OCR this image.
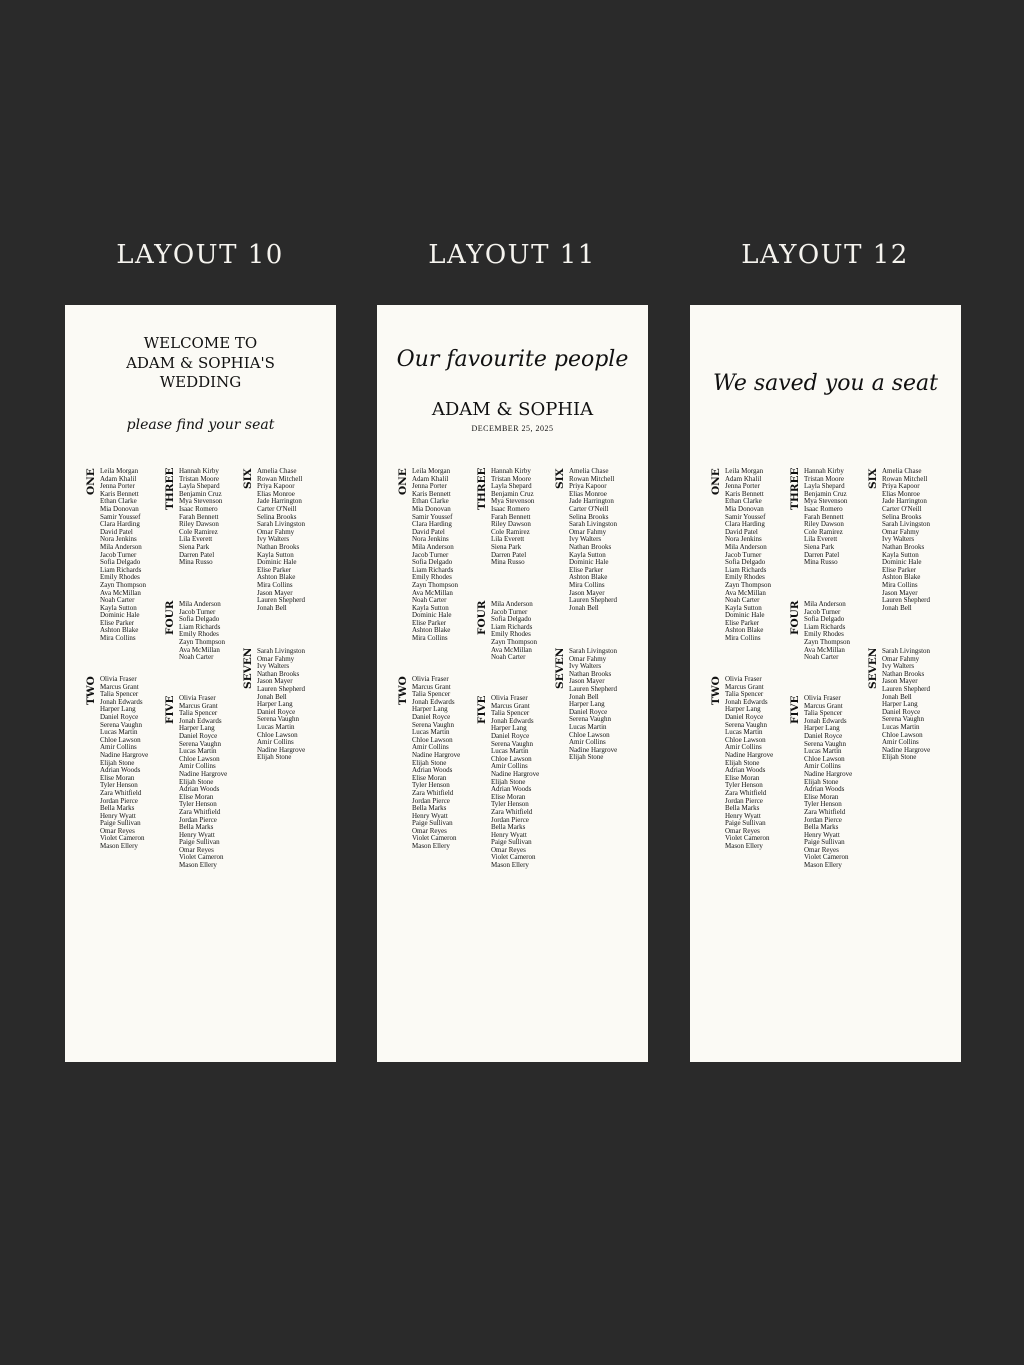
LAYOUT 10	LAYOUT 11	LAYOUT 12
WELCOME TO
ADAM & SOPHIA'S
WEDDING
please find your seat
ONE Leila Morgan
Adam Khalil
Jenna Porter
Karis Bennett
Ethan Clarke
Mia Donovan
Samir Youssef
Clara Harding
David Patel
Nora Jenkins
Mila Anderson
Jacob Turner
Sofia Delgado
Liam Richards
Emily Rhodes
Zayn Thompson
Ava McMillan
Noah Carter
Kayla Sutton
Dominic Hale
Elise Parker
Ashton Blake
Mira Collins
TWO Olivia Fraser
Marcus Grant
Talia Spencer
Jonah Edwards
Harper Lang
Daniel Royce
Serena Vaughn
Lucas Martin
Chloe Lawson
Amir Collins
Nadine Hargrove
Elijah Stone
Adrian Woods
Elise Moran
Tyler Henson
Zara Whitfield
Jordan Pierce
Bella Marks
Henry Wyatt
Paige Sullivan
Omar Reyes
Violet Cameron
Mason Ellery
THREE Hannah Kirby
Tristan Moore
Layla Shepard
Benjamin Cruz
Mya Stevenson
Isaac Romero
Farah Bennett
Riley Dawson
Cole Ramirez
Lila Everett
Siena Park
Darren Patel
Mina Russo
FOUR Mila Anderson
Jacob Turner
Sofia Delgado
Liam Richards
Emily Rhodes
Zayn Thompson
Ava McMillan
Noah Carter
FIVE Olivia Fraser
Marcus Grant
Talia Spencer
Jonah Edwards
Harper Lang
Daniel Royce
Serena Vaughn
Lucas Martin
Chloe Lawson
Amir Collins
Nadine Hargrove
Elijah Stone
Adrian Woods
Elise Moran
Tyler Henson
Zara Whitfield
Jordan Pierce
Bella Marks
Henry Wyatt
Paige Sullivan
Omar Reyes
Violet Cameron
Mason Ellery
SIX Amelia Chase
Rowan Mitchell
Priya Kapoor
Elias Monroe
Jade Harrington
Carter O'Neill
Selina Brooks
Sarah Livingston
Omar Fahmy
Ivy Walters
Nathan Brooks
Kayla Sutton
Dominic Hale
Elise Parker
Ashton Blake
Mira Collins
Jason Mayer
Lauren Shepherd
Jonah Bell
SEVEN Sarah Livingston
Omar Fahmy
Ivy Walters
Nathan Brooks
Jason Mayer
Lauren Shepherd
Jonah Bell
Harper Lang
Daniel Royce
Serena Vaughn
Lucas Martin
Chloe Lawson
Amir Collins
Nadine Hargrove
Elijah Stone
Our favourite people
ADAM & SOPHIA
DECEMBER 25, 2025
ONE Leila Morgan
Adam Khalil
Jenna Porter
Karis Bennett
Ethan Clarke
Mia Donovan
Samir Youssef
Clara Harding
David Patel
Nora Jenkins
Mila Anderson
Jacob Turner
Sofia Delgado
Liam Richards
Emily Rhodes
Zayn Thompson
Ava McMillan
Noah Carter
Kayla Sutton
Dominic Hale
Elise Parker
Ashton Blake
Mira Collins
TWO Olivia Fraser
Marcus Grant
Talia Spencer
Jonah Edwards
Harper Lang
Daniel Royce
Serena Vaughn
Lucas Martin
Chloe Lawson
Amir Collins
Nadine Hargrove
Elijah Stone
Adrian Woods
Elise Moran
Tyler Henson
Zara Whitfield
Jordan Pierce
Bella Marks
Henry Wyatt
Paige Sullivan
Omar Reyes
Violet Cameron
Mason Ellery
THREE Hannah Kirby
Tristan Moore
Layla Shepard
Benjamin Cruz
Mya Stevenson
Isaac Romero
Farah Bennett
Riley Dawson
Cole Ramirez
Lila Everett
Siena Park
Darren Patel
Mina Russo
FOUR Mila Anderson
Jacob Turner
Sofia Delgado
Liam Richards
Emily Rhodes
Zayn Thompson
Ava McMillan
Noah Carter
FIVE Olivia Fraser
Marcus Grant
Talia Spencer
Jonah Edwards
Harper Lang
Daniel Royce
Serena Vaughn
Lucas Martin
Chloe Lawson
Amir Collins
Nadine Hargrove
Elijah Stone
Adrian Woods
Elise Moran
Tyler Henson
Zara Whitfield
Jordan Pierce
Bella Marks
Henry Wyatt
Paige Sullivan
Omar Reyes
Violet Cameron
Mason Ellery
SIX Amelia Chase
Rowan Mitchell
Priya Kapoor
Elias Monroe
Jade Harrington
Carter O'Neill
Selina Brooks
Sarah Livingston
Omar Fahmy
Ivy Walters
Nathan Brooks
Kayla Sutton
Dominic Hale
Elise Parker
Ashton Blake
Mira Collins
Jason Mayer
Lauren Shepherd
Jonah Bell
SEVEN Sarah Livingston
Omar Fahmy
Ivy Walters
Nathan Brooks
Jason Mayer
Lauren Shepherd
Jonah Bell
Harper Lang
Daniel Royce
Serena Vaughn
Lucas Martin
Chloe Lawson
Amir Collins
Nadine Hargrove
Elijah Stone
We saved you a seat
ONE Leila Morgan
Adam Khalil
Jenna Porter
Karis Bennett
Ethan Clarke
Mia Donovan
Samir Youssef
Clara Harding
David Patel
Nora Jenkins
Mila Anderson
Jacob Turner
Sofia Delgado
Liam Richards
Emily Rhodes
Zayn Thompson
Ava McMillan
Noah Carter
Kayla Sutton
Dominic Hale
Elise Parker
Ashton Blake
Mira Collins
TWO Olivia Fraser
Marcus Grant
Talia Spencer
Jonah Edwards
Harper Lang
Daniel Royce
Serena Vaughn
Lucas Martin
Chloe Lawson
Amir Collins
Nadine Hargrove
Elijah Stone
Adrian Woods
Elise Moran
Tyler Henson
Zara Whitfield
Jordan Pierce
Bella Marks
Henry Wyatt
Paige Sullivan
Omar Reyes
Violet Cameron
Mason Ellery
THREE Hannah Kirby
Tristan Moore
Layla Shepard
Benjamin Cruz
Mya Stevenson
Isaac Romero
Farah Bennett
Riley Dawson
Cole Ramirez
Lila Everett
Siena Park
Darren Patel
Mina Russo
FOUR Mila Anderson
Jacob Turner
Sofia Delgado
Liam Richards
Emily Rhodes
Zayn Thompson
Ava McMillan
Noah Carter
FIVE Olivia Fraser
Marcus Grant
Talia Spencer
Jonah Edwards
Harper Lang
Daniel Royce
Serena Vaughn
Lucas Martin
Chloe Lawson
Amir Collins
Nadine Hargrove
Elijah Stone
Adrian Woods
Elise Moran
Tyler Henson
Zara Whitfield
Jordan Pierce
Bella Marks
Henry Wyatt
Paige Sullivan
Omar Reyes
Violet Cameron
Mason Ellery
SIX Amelia Chase
Rowan Mitchell
Priya Kapoor
Elias Monroe
Jade Harrington
Carter O'Neill
Selina Brooks
Sarah Livingston
Omar Fahmy
Ivy Walters
Nathan Brooks
Kayla Sutton
Dominic Hale
Elise Parker
Ashton Blake
Mira Collins
Jason Mayer
Lauren Shepherd
Jonah Bell
SEVEN Sarah Livingston
Omar Fahmy
Ivy Walters
Nathan Brooks
Jason Mayer
Lauren Shepherd
Jonah Bell
Harper Lang
Daniel Royce
Serena Vaughn
Lucas Martin
Chloe Lawson
Amir Collins
Nadine Hargrove
Elijah Stone
